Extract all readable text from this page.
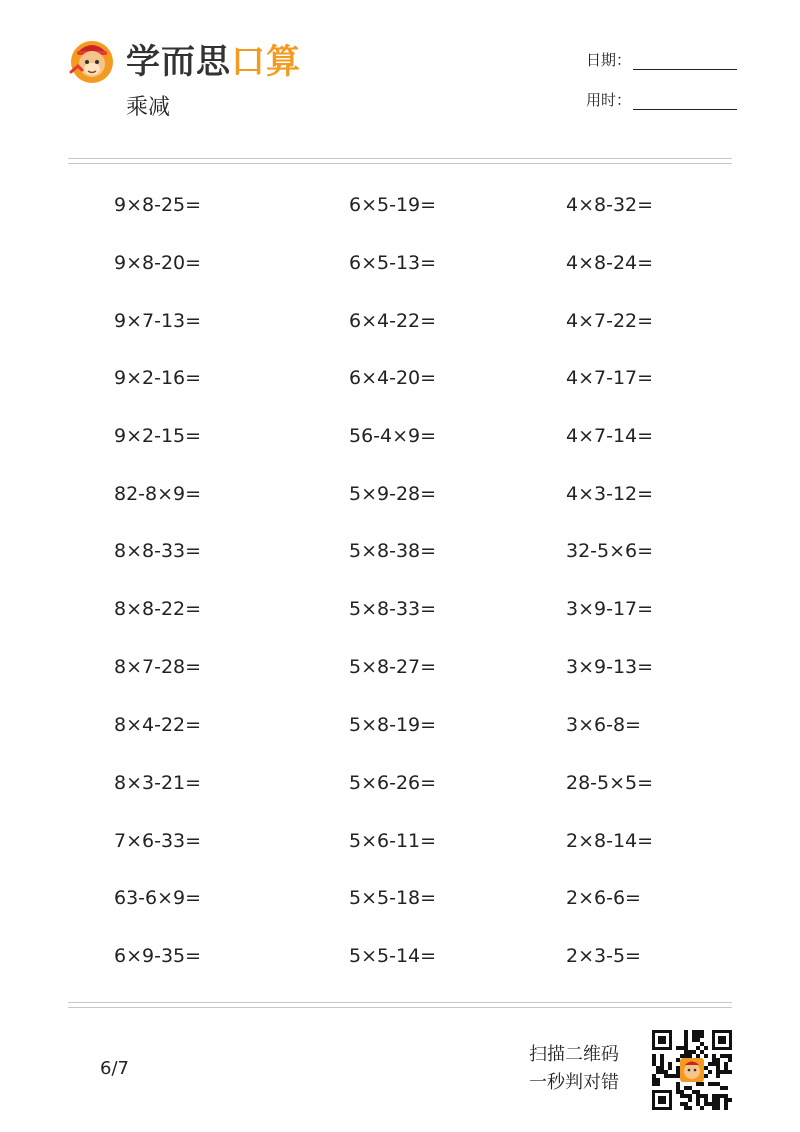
学而思口算
乘减
日期：
用时：
9×8-25=
9×8-20=
9×7-13=
9×2-16=
9×2-15=
82-8×9=
8×8-33=
8×8-22=
8×7-28=
8×4-22=
8×3-21=
7×6-33=
63-6×9=
6×9-35=
6×5-19=
6×5-13=
6×4-22=
6×4-20=
56-4×9=
5×9-28=
5×8-38=
5×8-33=
5×8-27=
5×8-19=
5×6-26=
5×6-11=
5×5-18=
5×5-14=
4×8-32=
4×8-24=
4×7-22=
4×7-17=
4×7-14=
4×3-12=
32-5×6=
3×9-17=
3×9-13=
3×6-8=
28-5×5=
2×8-14=
2×6-6=
2×3-5=
6/7
扫描二维码
一秒判对错
